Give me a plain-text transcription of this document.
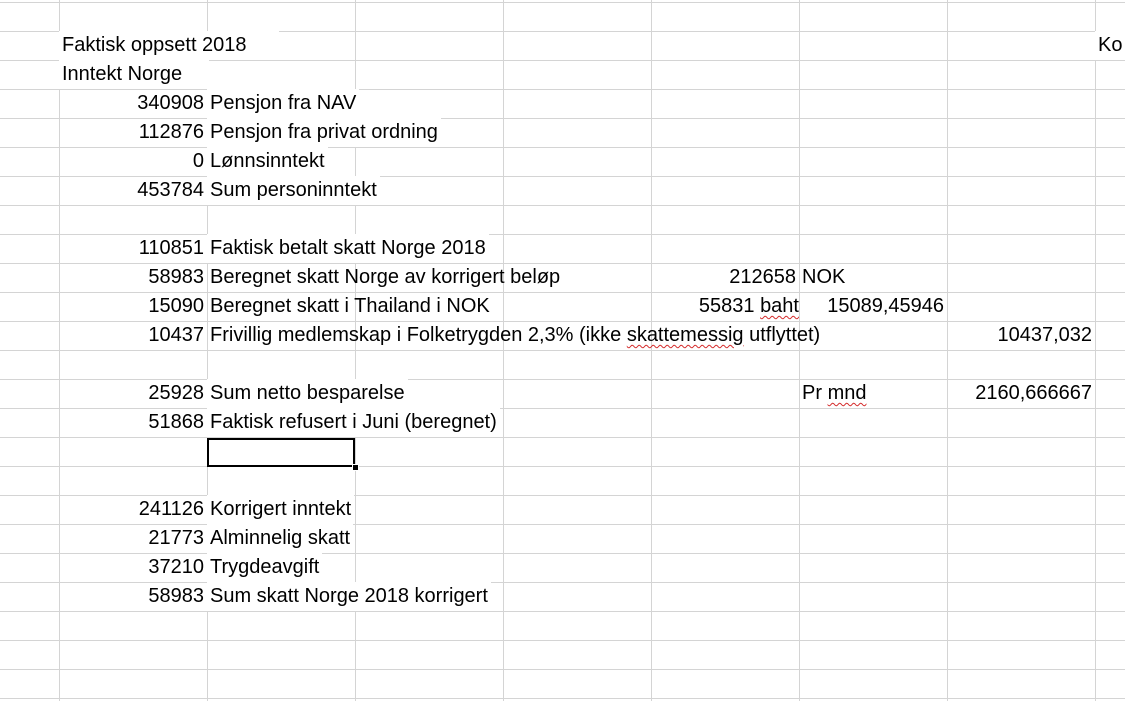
Faktisk oppsett 2018	Ko
Inntekt Norge
340908 Pensjon fra NAV
112876 Pensjon fra privat ordning
0 Lønnsinntekt
453784 Sum personinntekt
110851 Faktisk betalt skatt Norge 2018
58983 Beregnet skatt Norge av korrigert beløp	212658 NOK
15090 Beregnet skatt i Thailand i NOK	55831 baht	15089,45946
10437 Frivillig medlemskap i Folketrygden 2,3% (ikke skattemessig utflyttet)	10437,032
25928 Sum netto besparelse	Pr mnd	2160,666667
51868 Faktisk refusert i Juni (beregnet)
241126 Korrigert inntekt
21773 Alminnelig skatt
37210 Trygdeavgift
58983 Sum skatt Norge 2018 korrigert
